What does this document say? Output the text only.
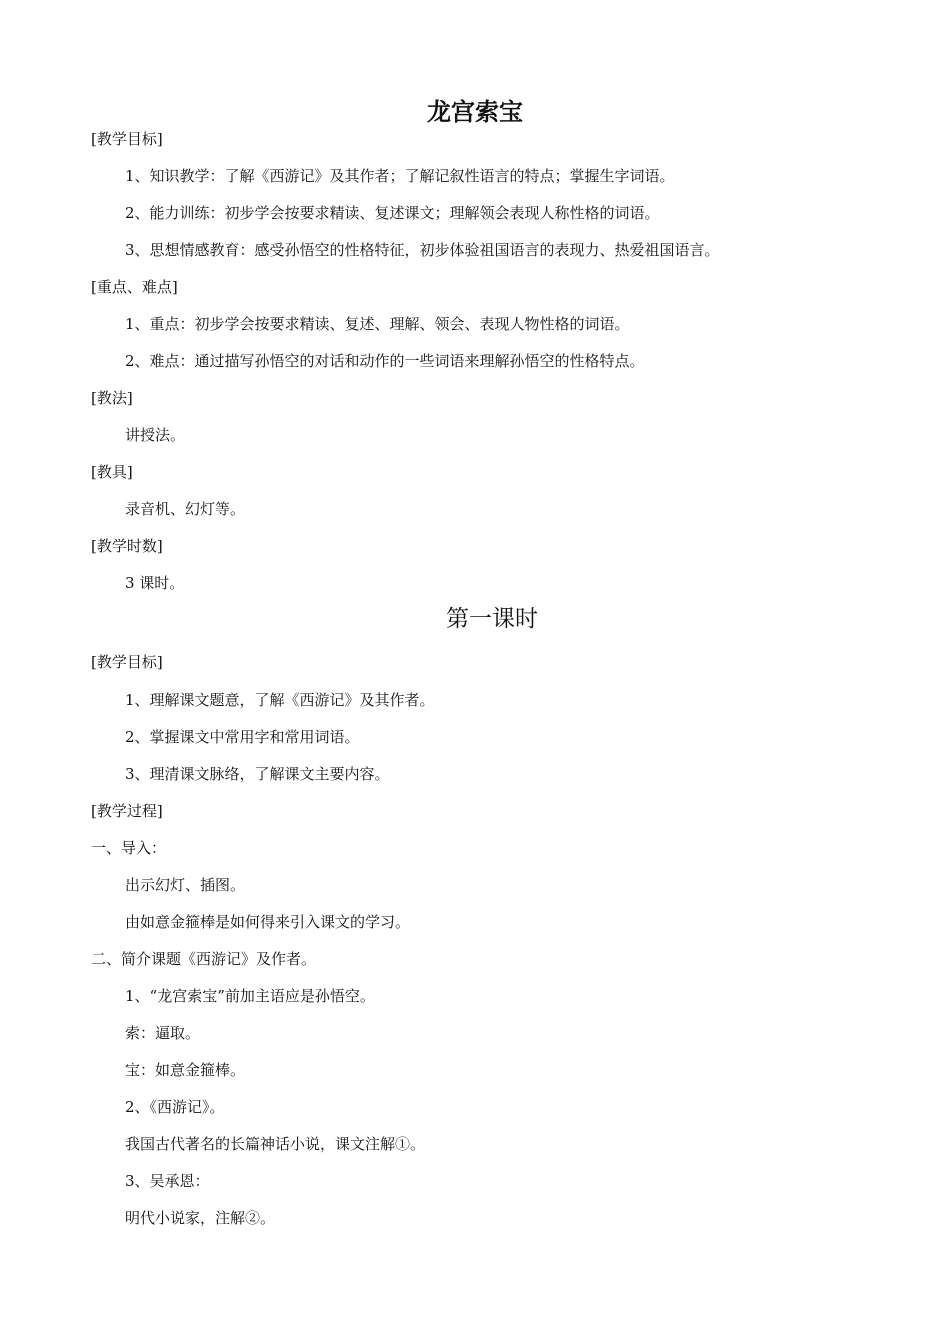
龙宫索宝

[教学目标]

1、知识教学：了解《西游记》及其作者；了解记叙性语言的特点；掌握生字词语。

2、能力训练：初步学会按要求精读、复述课文；理解领会表现人称性格的词语。

3、思想情感教育：感受孙悟空的性格特征，初步体验祖国语言的表现力、热爱祖国语言。

[重点、难点]

1、重点：初步学会按要求精读、复述、理解、领会、表现人物性格的词语。

2、难点：通过描写孙悟空的对话和动作的一些词语来理解孙悟空的性格特点。

[教法]

讲授法。

[教具]

录音机、幻灯等。

[教学时数]

3 课时。

第一课时

[教学目标]

1、理解课文题意，了解《西游记》及其作者。

2、掌握课文中常用字和常用词语。

3、理清课文脉络，了解课文主要内容。

[教学过程]

一、导入：

出示幻灯、插图。

由如意金箍棒是如何得来引入课文的学习。

二、简介课题《西游记》及作者。

1、“龙宫索宝”前加主语应是孙悟空。

索：逼取。

宝：如意金箍棒。

2、《西游记》。

我国古代著名的长篇神话小说，课文注解①。

3、吴承恩：

明代小说家，注解②。
